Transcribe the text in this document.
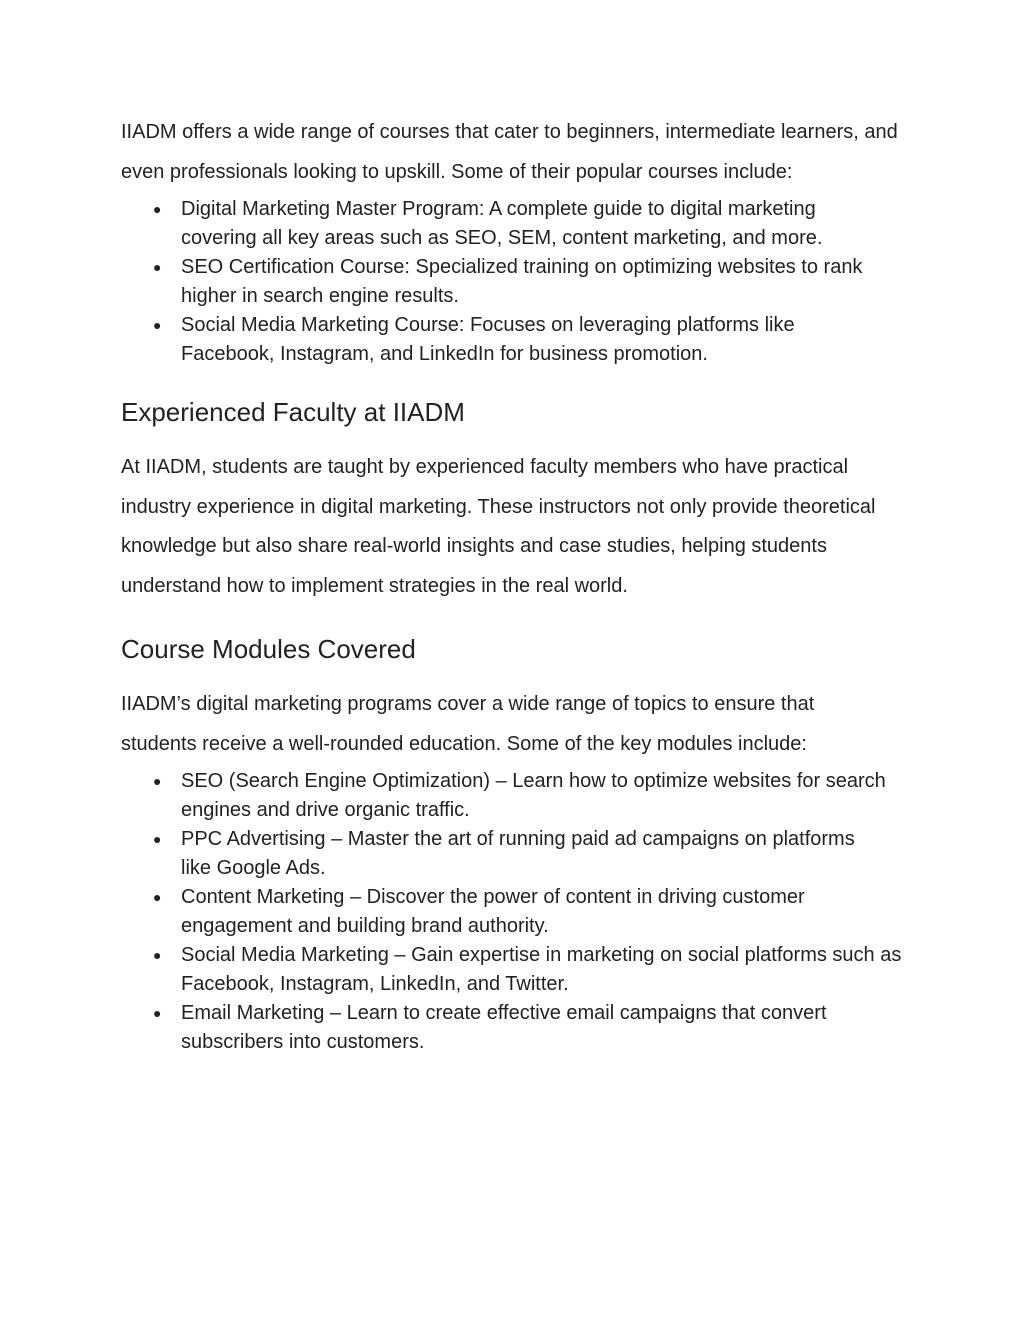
IIADM offers a wide range of courses that cater to beginners, intermediate learners, and even professionals looking to upskill. Some of their popular courses include:

● Digital Marketing Master Program: A complete guide to digital marketing covering all key areas such as SEO, SEM, content marketing, and more.
● SEO Certification Course: Specialized training on optimizing websites to rank higher in search engine results.
● Social Media Marketing Course: Focuses on leveraging platforms like Facebook, Instagram, and LinkedIn for business promotion.
Experienced Faculty at IIADM

At IIADM, students are taught by experienced faculty members who have practical industry experience in digital marketing. These instructors not only provide theoretical knowledge but also share real-world insights and case studies, helping students understand how to implement strategies in the real world.

Course Modules Covered

IIADM’s digital marketing programs cover a wide range of topics to ensure that students receive a well-rounded education. Some of the key modules include:

● SEO (Search Engine Optimization) – Learn how to optimize websites for search engines and drive organic traffic.
● PPC Advertising – Master the art of running paid ad campaigns on platforms like Google Ads.
● Content Marketing – Discover the power of content in driving customer engagement and building brand authority.
● Social Media Marketing – Gain expertise in marketing on social platforms such as Facebook, Instagram, LinkedIn, and Twitter.
● Email Marketing – Learn to create effective email campaigns that convert subscribers into customers.
